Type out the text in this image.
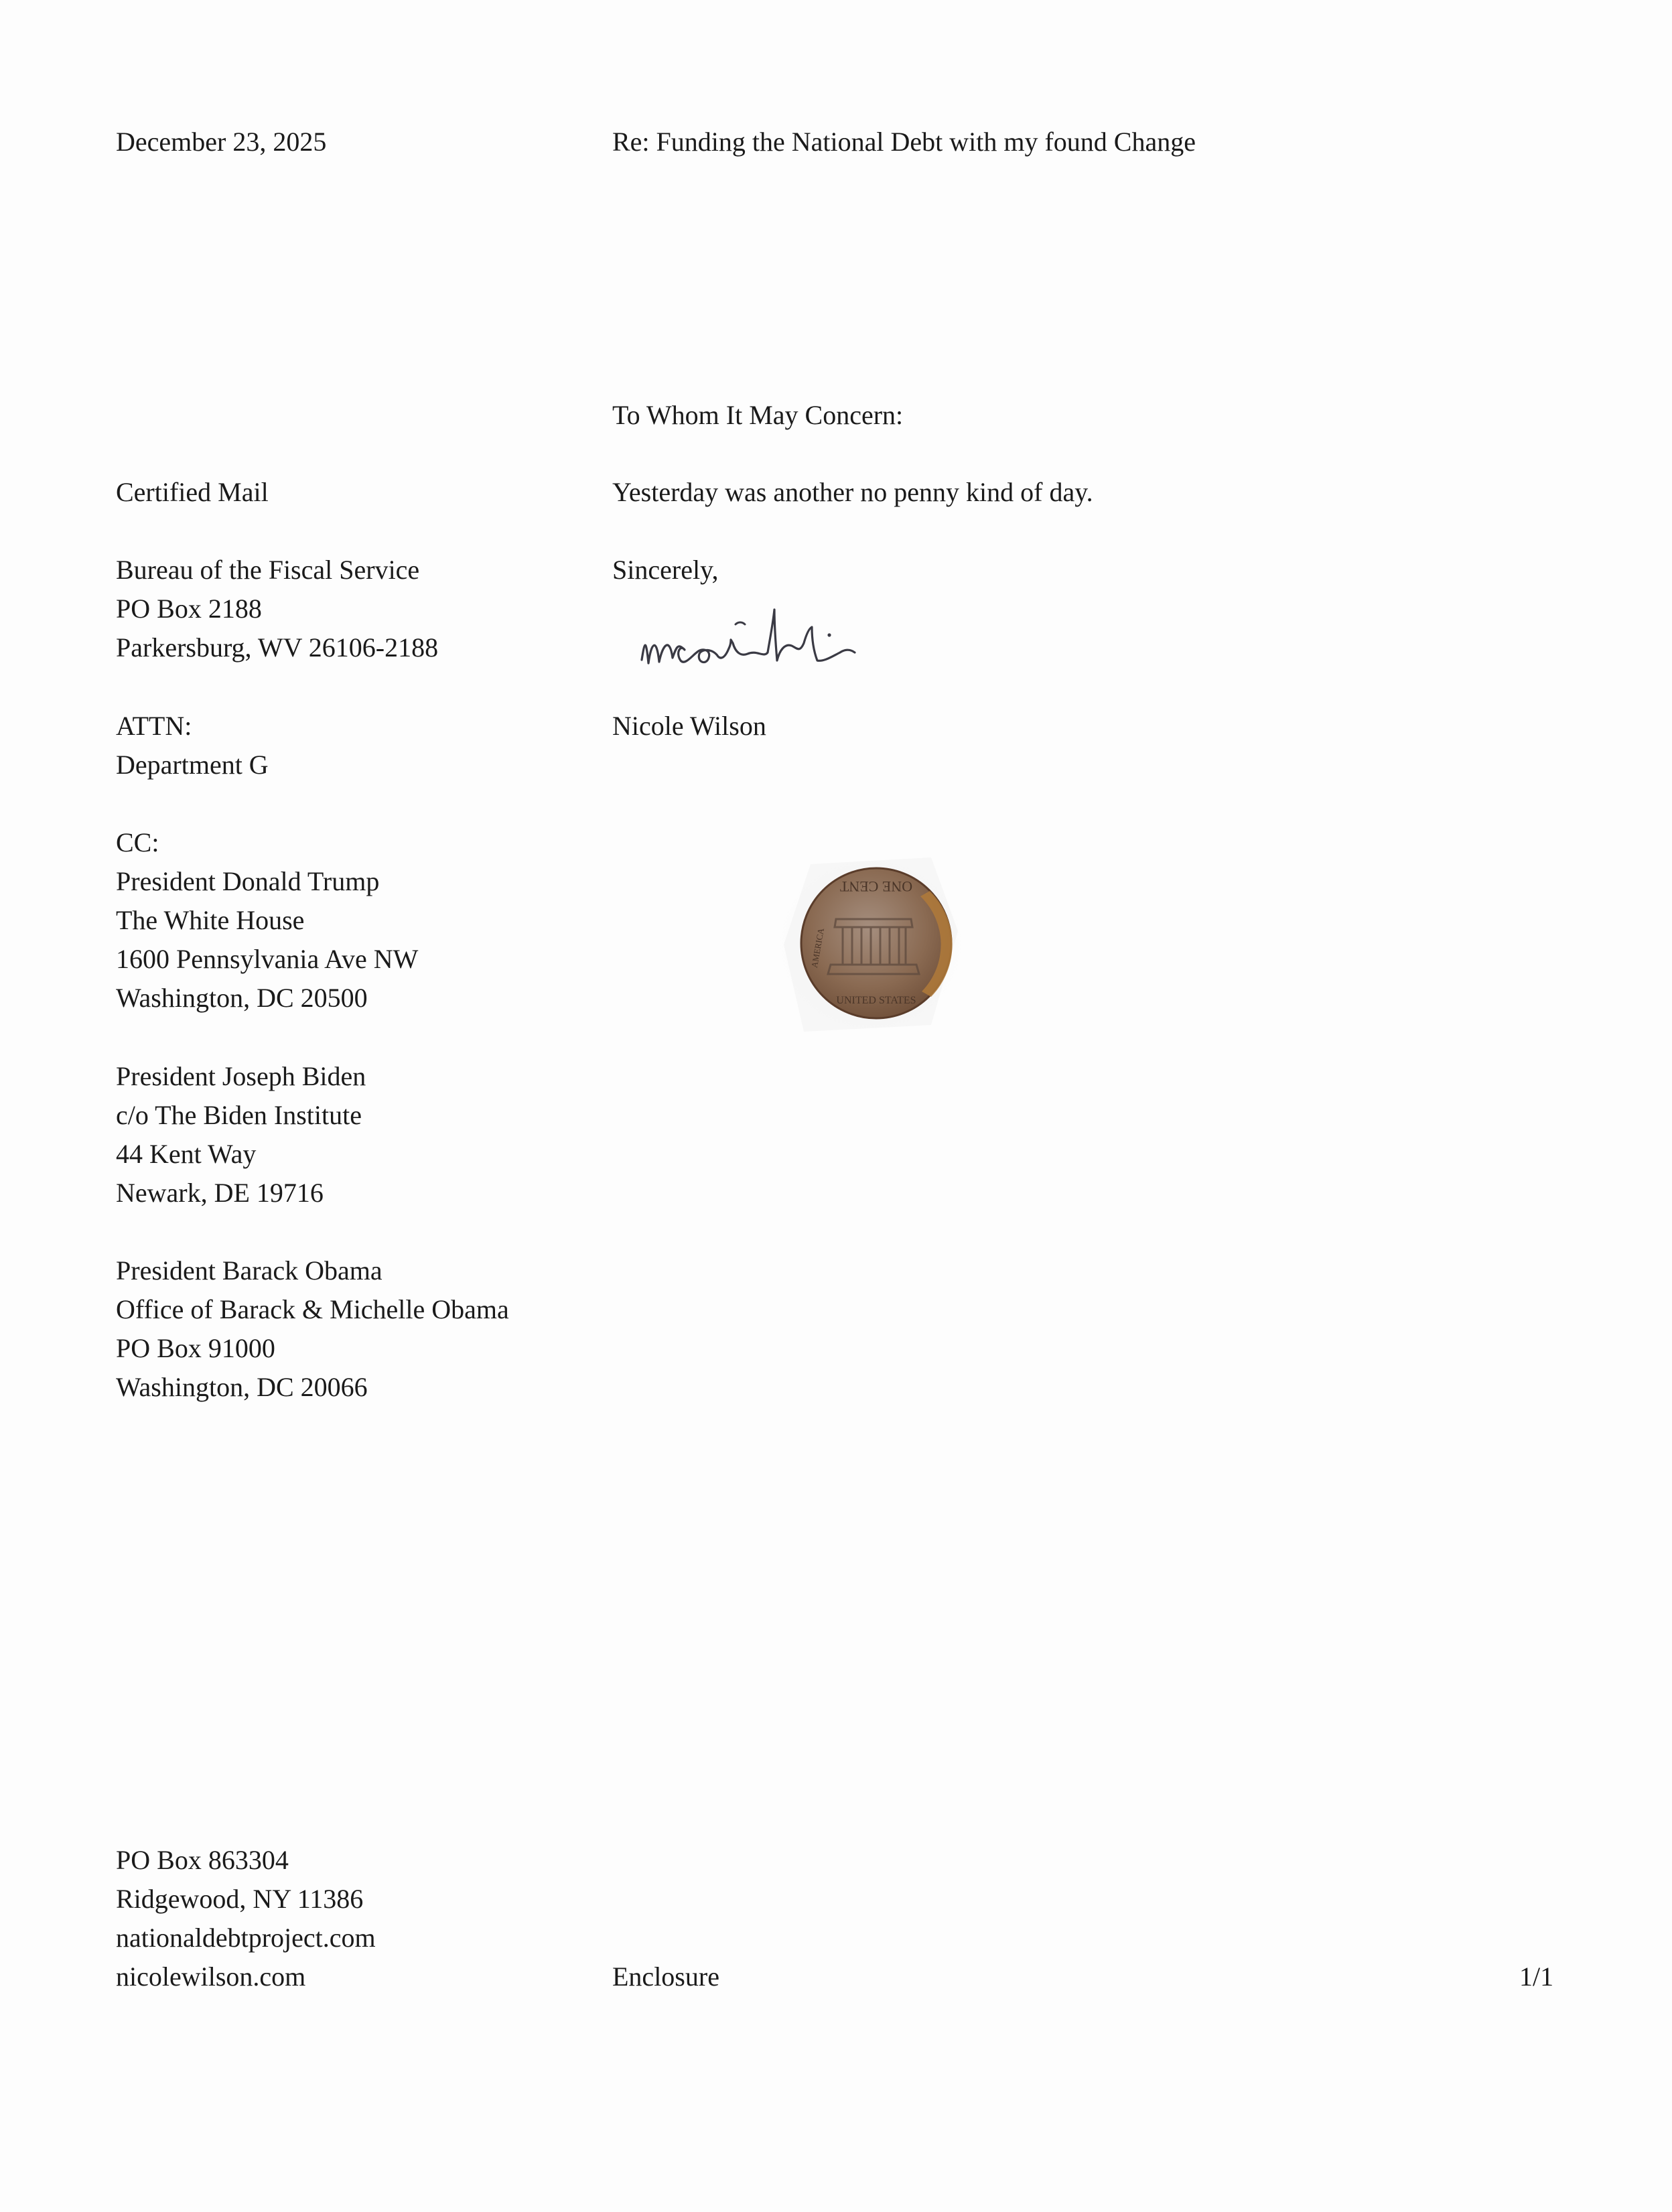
December 23, 2025	Re: Funding the National Debt with my found Change
To Whom It May Concern:
Yesterday was another no penny kind of day.
Sincerely,
Nicole Wilson
Certified Mail
Bureau of the Fiscal Service
PO Box 2188
Parkersburg, WV 26106-2188
ATTN:
Department G
CC:
President Donald Trump
The White House
1600 Pennsylvania Ave NW
Washington, DC 20500
President Joseph Biden
c/o The Biden Institute
44 Kent Way
Newark, DE 19716
President Barack Obama
Office of Barack & Michelle Obama
PO Box 91000
Washington, DC 20066
ONE CENT
UNITED STATES
AMERICA
PO Box 863304
Ridgewood, NY 11386
nationaldebtproject.com
nicolewilson.com	Enclosure	1/1
